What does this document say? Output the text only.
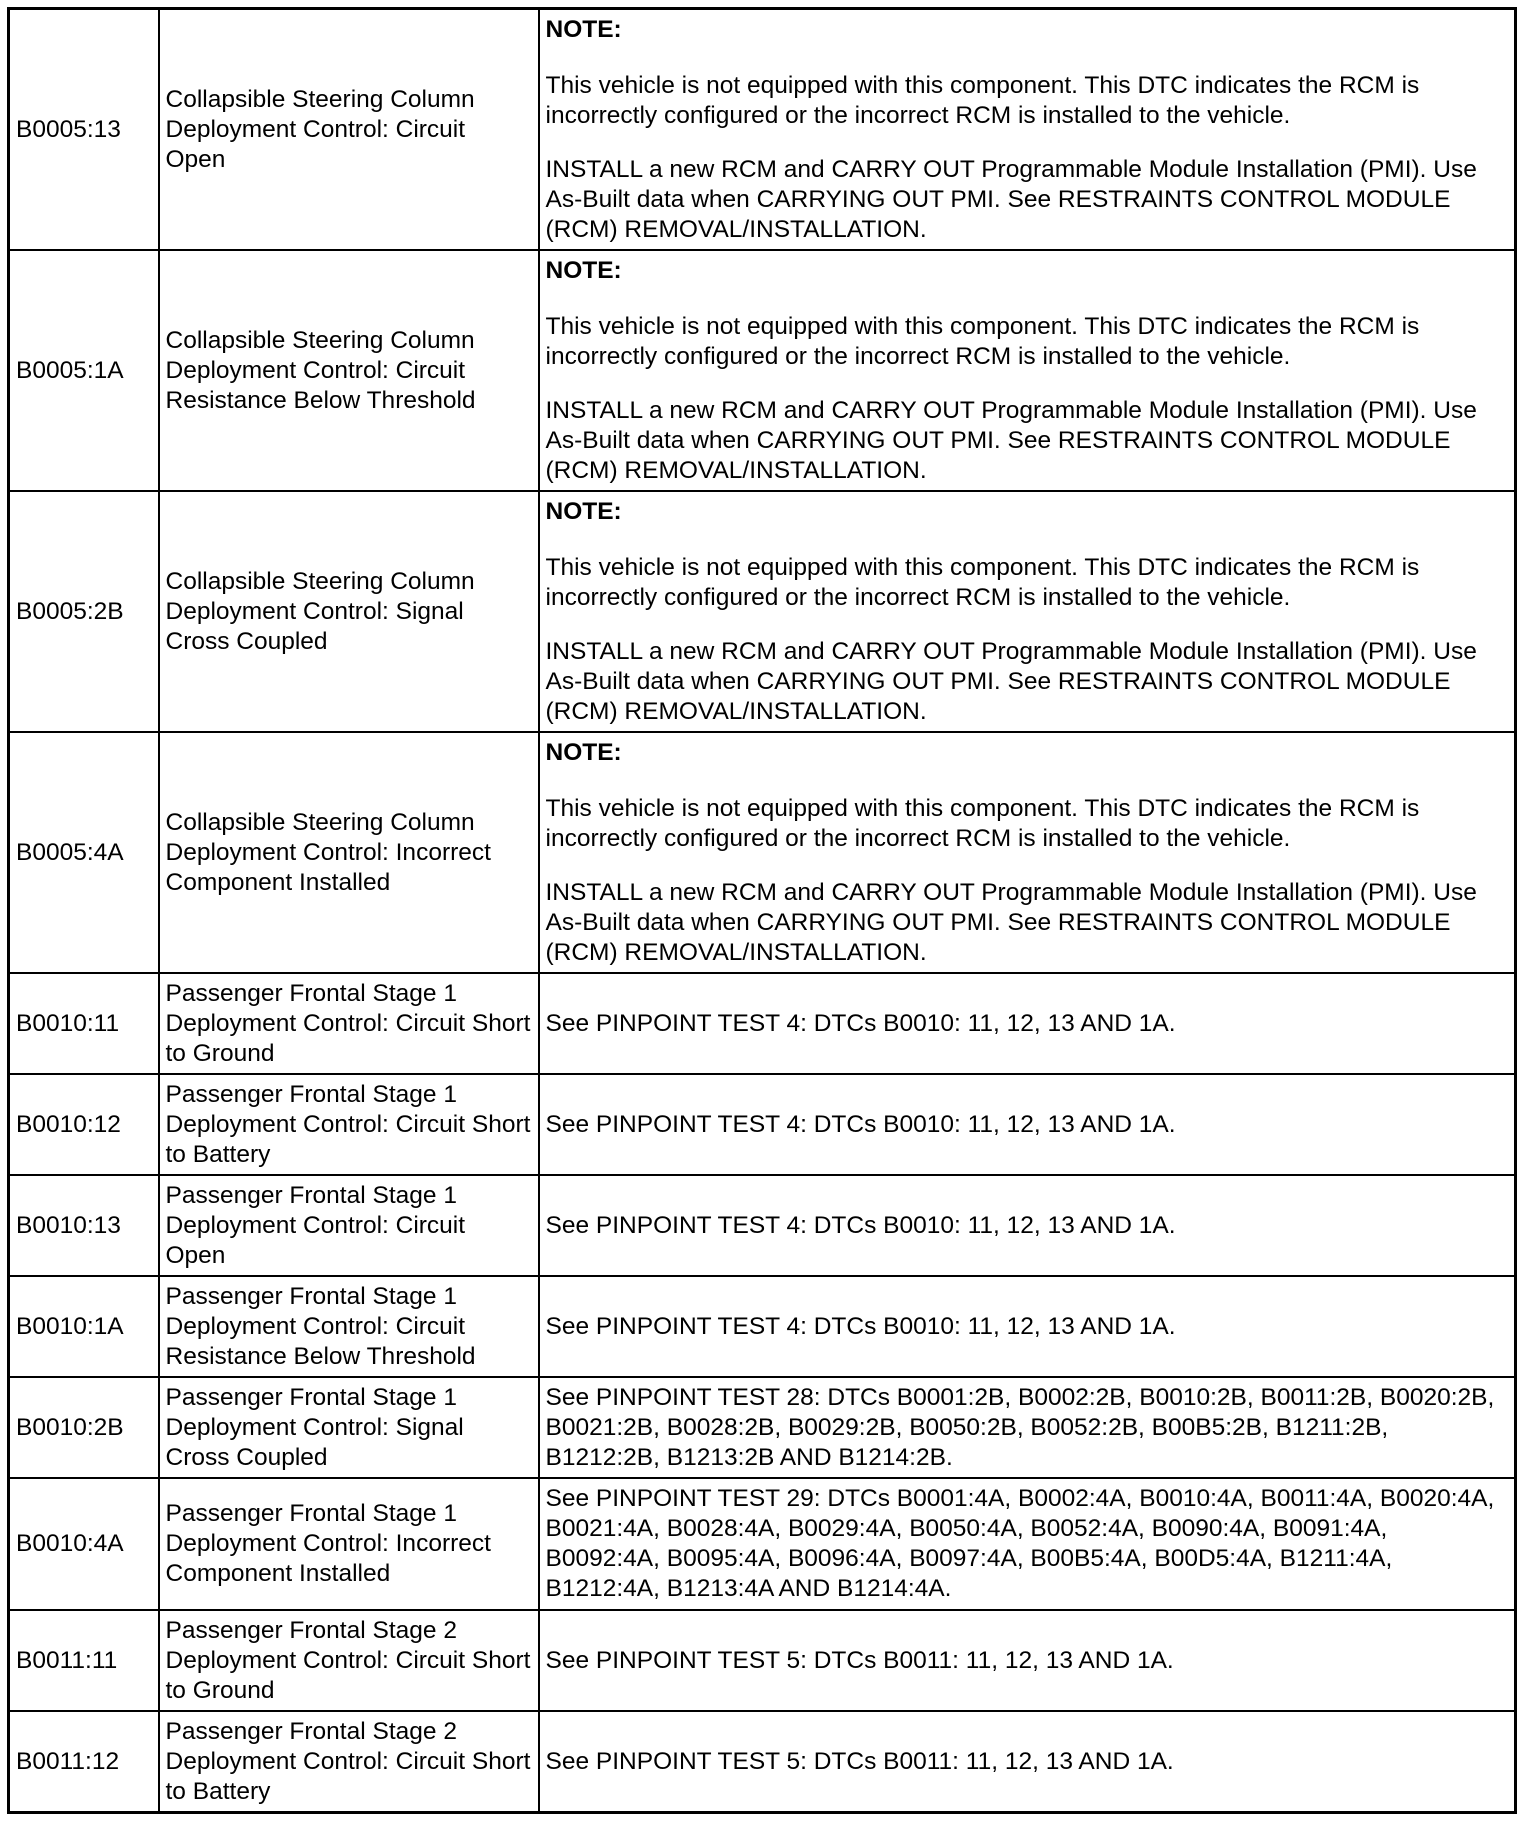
B0005:13	Collapsible Steering Column Deployment Control: Circuit Open	NOTE:
This vehicle is not equipped with this component. This DTC indicates the RCM is incorrectly configured or the incorrect RCM is installed to the vehicle.
INSTALL a new RCM and CARRY OUT Programmable Module Installation (PMI). Use As-Built data when CARRYING OUT PMI. See RESTRAINTS CONTROL MODULE (RCM) REMOVAL/INSTALLATION.

B0005:1A	Collapsible Steering Column Deployment Control: Circuit Resistance Below Threshold	NOTE:
This vehicle is not equipped with this component. This DTC indicates the RCM is incorrectly configured or the incorrect RCM is installed to the vehicle.
INSTALL a new RCM and CARRY OUT Programmable Module Installation (PMI). Use As-Built data when CARRYING OUT PMI. See RESTRAINTS CONTROL MODULE (RCM) REMOVAL/INSTALLATION.

B0005:2B	Collapsible Steering Column Deployment Control: Signal Cross Coupled	NOTE:
This vehicle is not equipped with this component. This DTC indicates the RCM is incorrectly configured or the incorrect RCM is installed to the vehicle.
INSTALL a new RCM and CARRY OUT Programmable Module Installation (PMI). Use As-Built data when CARRYING OUT PMI. See RESTRAINTS CONTROL MODULE (RCM) REMOVAL/INSTALLATION.

B0005:4A	Collapsible Steering Column Deployment Control: Incorrect Component Installed	NOTE:
This vehicle is not equipped with this component. This DTC indicates the RCM is incorrectly configured or the incorrect RCM is installed to the vehicle.
INSTALL a new RCM and CARRY OUT Programmable Module Installation (PMI). Use As-Built data when CARRYING OUT PMI. See RESTRAINTS CONTROL MODULE (RCM) REMOVAL/INSTALLATION.

B0010:11	Passenger Frontal Stage 1 Deployment Control: Circuit Short to Ground	See PINPOINT TEST 4: DTCs B0010: 11, 12, 13 AND 1A.
B0010:12	Passenger Frontal Stage 1 Deployment Control: Circuit Short to Battery	See PINPOINT TEST 4: DTCs B0010: 11, 12, 13 AND 1A.
B0010:13	Passenger Frontal Stage 1 Deployment Control: Circuit Open	See PINPOINT TEST 4: DTCs B0010: 11, 12, 13 AND 1A.
B0010:1A	Passenger Frontal Stage 1 Deployment Control: Circuit Resistance Below Threshold	See PINPOINT TEST 4: DTCs B0010: 11, 12, 13 AND 1A.
B0010:2B	Passenger Frontal Stage 1 Deployment Control: Signal Cross Coupled	See PINPOINT TEST 28: DTCs B0001:2B, B0002:2B, B0010:2B, B0011:2B, B0020:2B, B0021:2B, B0028:2B, B0029:2B, B0050:2B, B0052:2B, B00B5:2B, B1211:2B, B1212:2B, B1213:2B AND B1214:2B.
B0010:4A	Passenger Frontal Stage 1 Deployment Control: Incorrect Component Installed	See PINPOINT TEST 29: DTCs B0001:4A, B0002:4A, B0010:4A, B0011:4A, B0020:4A, B0021:4A, B0028:4A, B0029:4A, B0050:4A, B0052:4A, B0090:4A, B0091:4A, B0092:4A, B0095:4A, B0096:4A, B0097:4A, B00B5:4A, B00D5:4A, B1211:4A, B1212:4A, B1213:4A AND B1214:4A.
B0011:11	Passenger Frontal Stage 2 Deployment Control: Circuit Short to Ground	See PINPOINT TEST 5: DTCs B0011: 11, 12, 13 AND 1A.
B0011:12	Passenger Frontal Stage 2 Deployment Control: Circuit Short to Battery	See PINPOINT TEST 5: DTCs B0011: 11, 12, 13 AND 1A.
